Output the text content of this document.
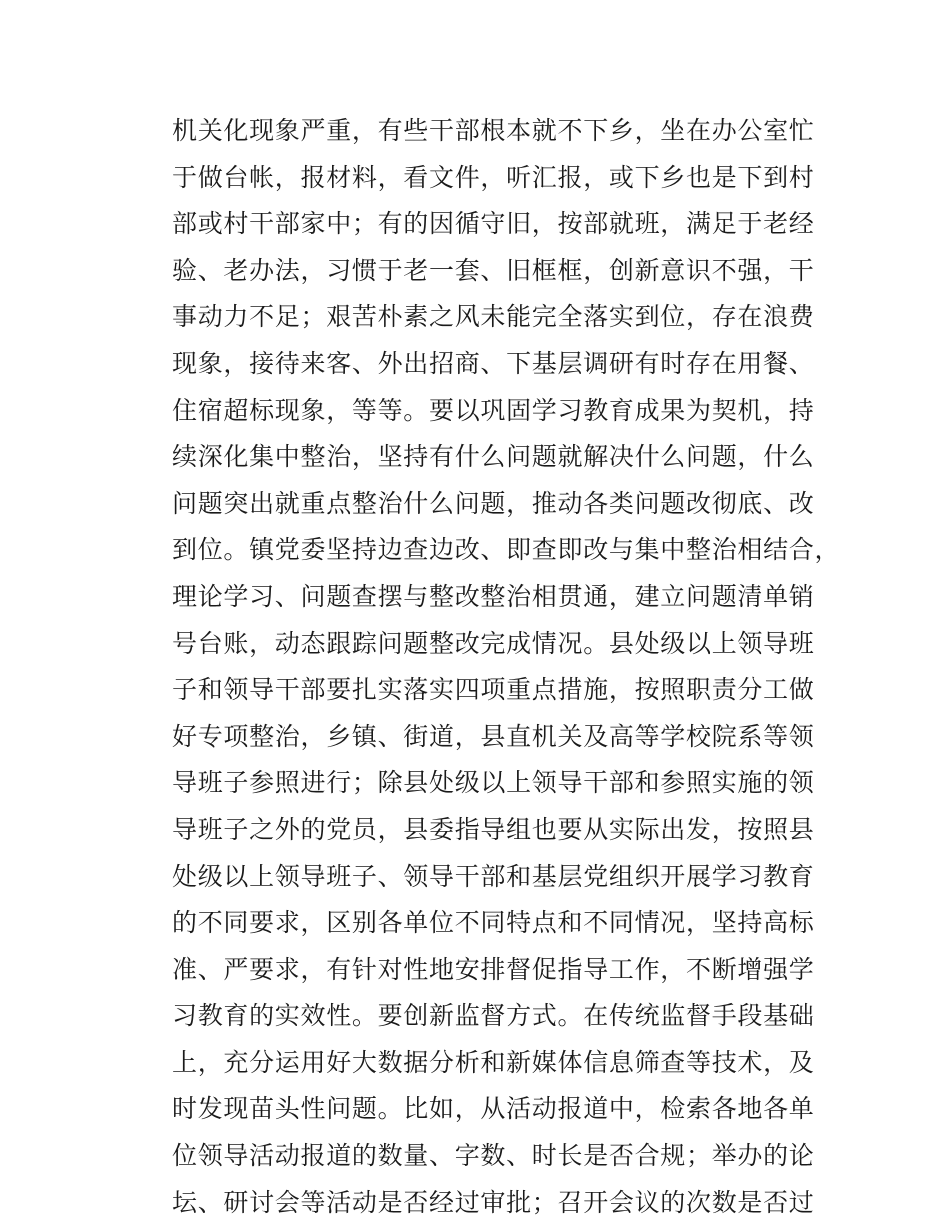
机关化现象严重，有些干部根本就不下乡，坐在办公室忙
于做台帐，报材料，看文件，听汇报，或下乡也是下到村
部或村干部家中；有的因循守旧，按部就班，满足于老经
验、老办法，习惯于老一套、旧框框，创新意识不强，干
事动力不足；艰苦朴素之风未能完全落实到位，存在浪费
现象，接待来客、外出招商、下基层调研有时存在用餐、
住宿超标现象，等等。要以巩固学习教育成果为契机，持
续深化集中整治，坚持有什么问题就解决什么问题，什么
问题突出就重点整治什么问题，推动各类问题改彻底、改
到位。镇党委坚持边查边改、即查即改与集中整治相结合，
理论学习、问题查摆与整改整治相贯通，建立问题清单销
号台账，动态跟踪问题整改完成情况。县处级以上领导班
子和领导干部要扎实落实四项重点措施，按照职责分工做
好专项整治，乡镇、街道，县直机关及高等学校院系等领
导班子参照进行；除县处级以上领导干部和参照实施的领
导班子之外的党员，县委指导组也要从实际出发，按照县
处级以上领导班子、领导干部和基层党组织开展学习教育
的不同要求，区别各单位不同特点和不同情况，坚持高标
准、严要求，有针对性地安排督促指导工作，不断增强学
习教育的实效性。要创新监督方式。在传统监督手段基础
上，充分运用好大数据分析和新媒体信息筛查等技术，及
时发现苗头性问题。比如，从活动报道中，检索各地各单
位领导活动报道的数量、字数、时长是否合规；举办的论
坛、研讨会等活动是否经过审批；召开会议的次数是否过
